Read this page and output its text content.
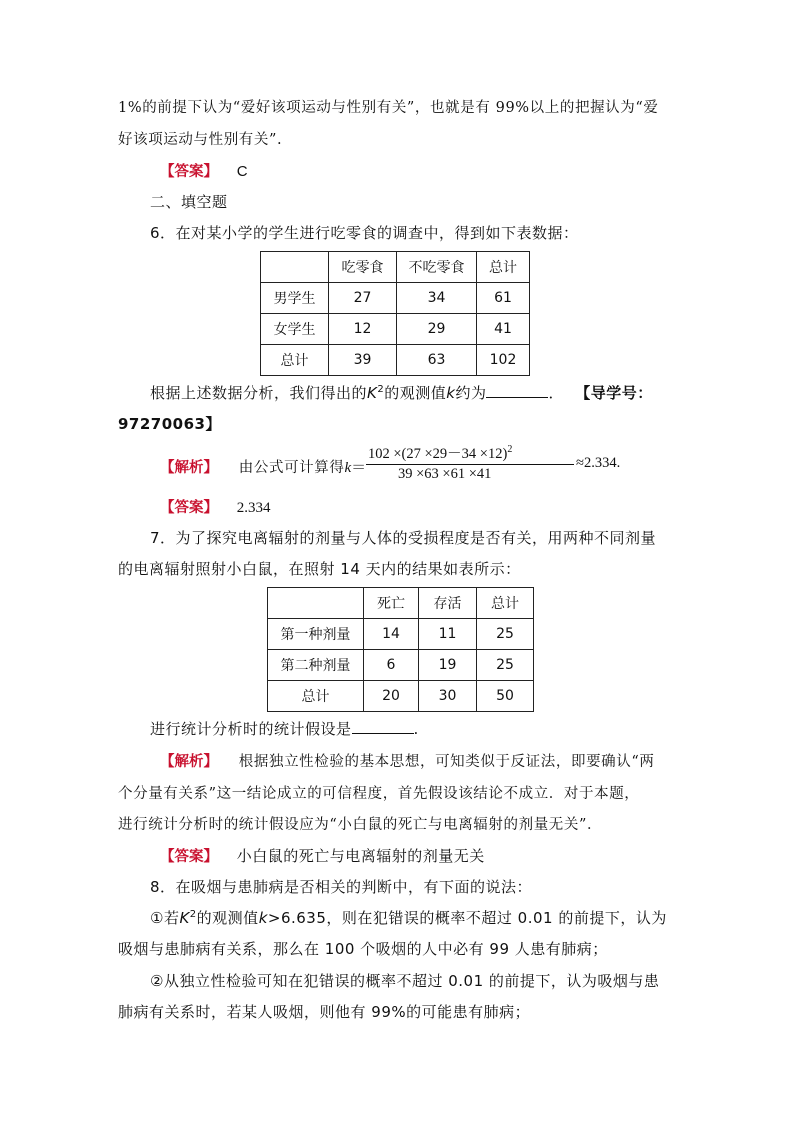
1%的前提下认为“爱好该项运动与性别有关”，也就是有 99%以上的把握认为“爱
好该项运动与性别有关”.
【答案】 C
二、填空题
6．在对某小学的学生进行吃零食的调查中，得到如下表数据：
	吃零食	不吃零食	总计
男学生	27	34	61
女学生	12	29	41
总计	39	63	102
根据上述数据分析，我们得出的$K^2$的观测值k约为	． 【导学号：
97270063】
【解析】 由公式可计算得k＝
$102 \times(27 \times 29-34 \times 12)^2$
39 ×63 ×61 ×41
≈2.334.
【答案】 2.334
7．为了探究电离辐射的剂量与人体的受损程度是否有关，用两种不同剂量
的电离辐射照射小白鼠，在照射 14 天内的结果如表所示：
	死亡	存活	总计
第一种剂量	14	11	25
第二种剂量	6	19	25
总计	20	30	50
进行统计分析时的统计假设是	.
【解析】 根据独立性检验的基本思想，可知类似于反证法，即要确认“两
个分量有关系”这一结论成立的可信程度，首先假设该结论不成立．对于本题，
进行统计分析时的统计假设应为“小白鼠的死亡与电离辐射的剂量无关”．
【答案】 小白鼠的死亡与电离辐射的剂量无关
8．在吸烟与患肺病是否相关的判断中，有下面的说法：
①若$K^2$的观测值k>6.635，则在犯错误的概率不超过 0.01 的前提下，认为
吸烟与患肺病有关系，那么在 100 个吸烟的人中必有 99 人患有肺病；
②从独立性检验可知在犯错误的概率不超过 0.01 的前提下，认为吸烟与患
肺病有关系时，若某人吸烟，则他有 99%的可能患有肺病；
